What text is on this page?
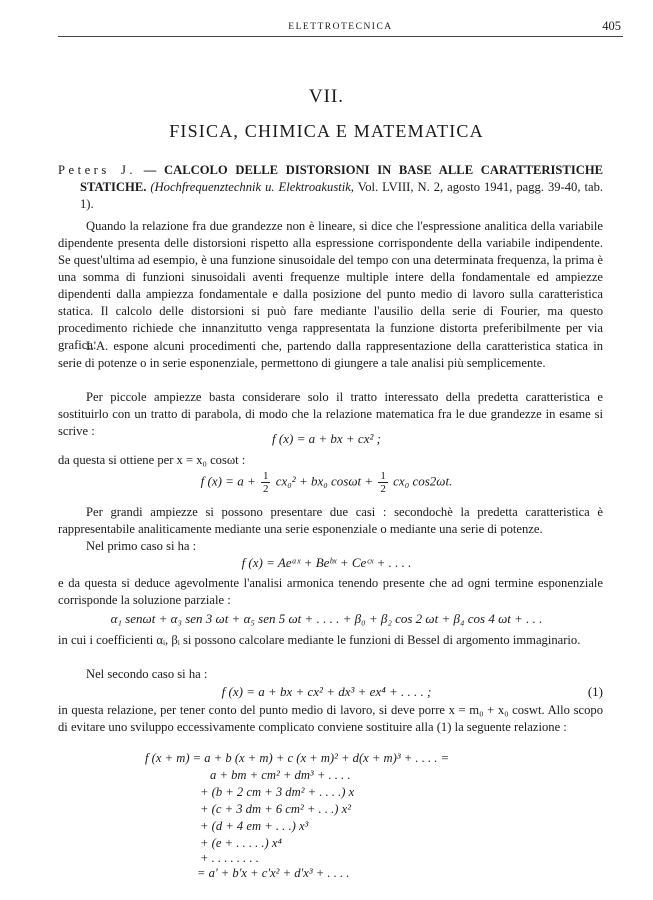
ELETTROTECNICA	405
VII.
FISICA, CHIMICA E MATEMATICA

Peters J. — CALCOLO DELLE DISTORSIONI IN BASE ALLE CARATTERISTICHE STATICHE. (Hochfrequenztechnik u. Elektroakustik, Vol. LVIII, N. 2, agosto 1941, pagg. 39-40, tab. 1).

Quando la relazione fra due grandezze non è lineare, si dice che l'espressione analitica della variabile dipendente presenta delle distorsioni rispetto alla espressione corrispondente della variabile indipendente. Se quest'ultima ad esempio, è una funzione sinusoidale del tempo con una determinata frequenza, la prima è una somma di funzioni sinusoidali aventi frequenze multiple intere della fondamentale ed ampiezze dipendenti dalla ampiezza fondamentale e dalla posizione del punto medio di lavoro sulla caratteristica statica. Il calcolo delle distorsioni si può fare mediante l'ausilio della serie di Fourier, ma questo procedimento richiede che innanzitutto venga rappresentata la funzione distorta preferibilmente per via grafica.

L'A. espone alcuni procedimenti che, partendo dalla rappresentazione della caratteristica statica in serie di potenze o in serie esponenziale, permettono di giungere a tale analisi più semplicemente.

Per piccole ampiezze basta considerare solo il tratto interessato della predetta caratteristica e sostituirlo con un tratto di parabola, di modo che la relazione matematica fra le due grandezze in esame si scrive :	f (x) = a + bx + cx² ;

da questa si ottiene per x = x₀ cosωt :

f $(x) = a + \frac{1}{2} cx_0^2 + bx_0$ $\cos\omega t + \frac{1}{2} cx_0$ cos2ωt.

Per grandi ampiezze si possono presentare due casi : secondochè la predetta caratteristica è rappresentabile analiticamente mediante una serie esponenziale o mediante una serie di potenze.

Nel primo caso si ha :

f (x) = Aeᵃˣ + Beᵇˣ + Ceᶜˣ + . . . .

e da questa si deduce agevolmente l'analisi armonica tenendo presente che ad ogni termine esponenziale corrisponde la soluzione parziale :

α₁ senωt + α₃ sen 3 ωt + α₅ sen 5 ωt + . . . . + β₀ + β₂ cos 2 ωt + β₄ cos 4 ωt + . . .

in cui i coefficienti αᵢ, βᵢ si possono calcolare mediante le funzioni di Bessel di argomento immaginario.

Nel secondo caso si ha :

f (x) = a + bx + cx² + dx³ + ex⁴ + . . . . ;	(1)

in questa relazione, per tener conto del punto medio di lavoro, si deve porre x = m₀ + x₀ coswt. Allo scopo di evitare uno sviluppo eccessivamente complicato conviene sostituire alla (1) la seguente relazione :

f (x + m) = a + b (x + m) + c (x + m)² + d(x + m)³ + . . . . =
a + bm + cm² + dm³ + . . . .
+ (b + 2 cm + 3 dm² + . . . .) x
+ (c + 3 dm + 6 cm² + . . .) x²
+ (d + 4 em + . . .) x³
+ (e + . . . . .) x⁴
+ . . . . . . . .
= a' + b'x + c'x² + d'x³ + . . . .
